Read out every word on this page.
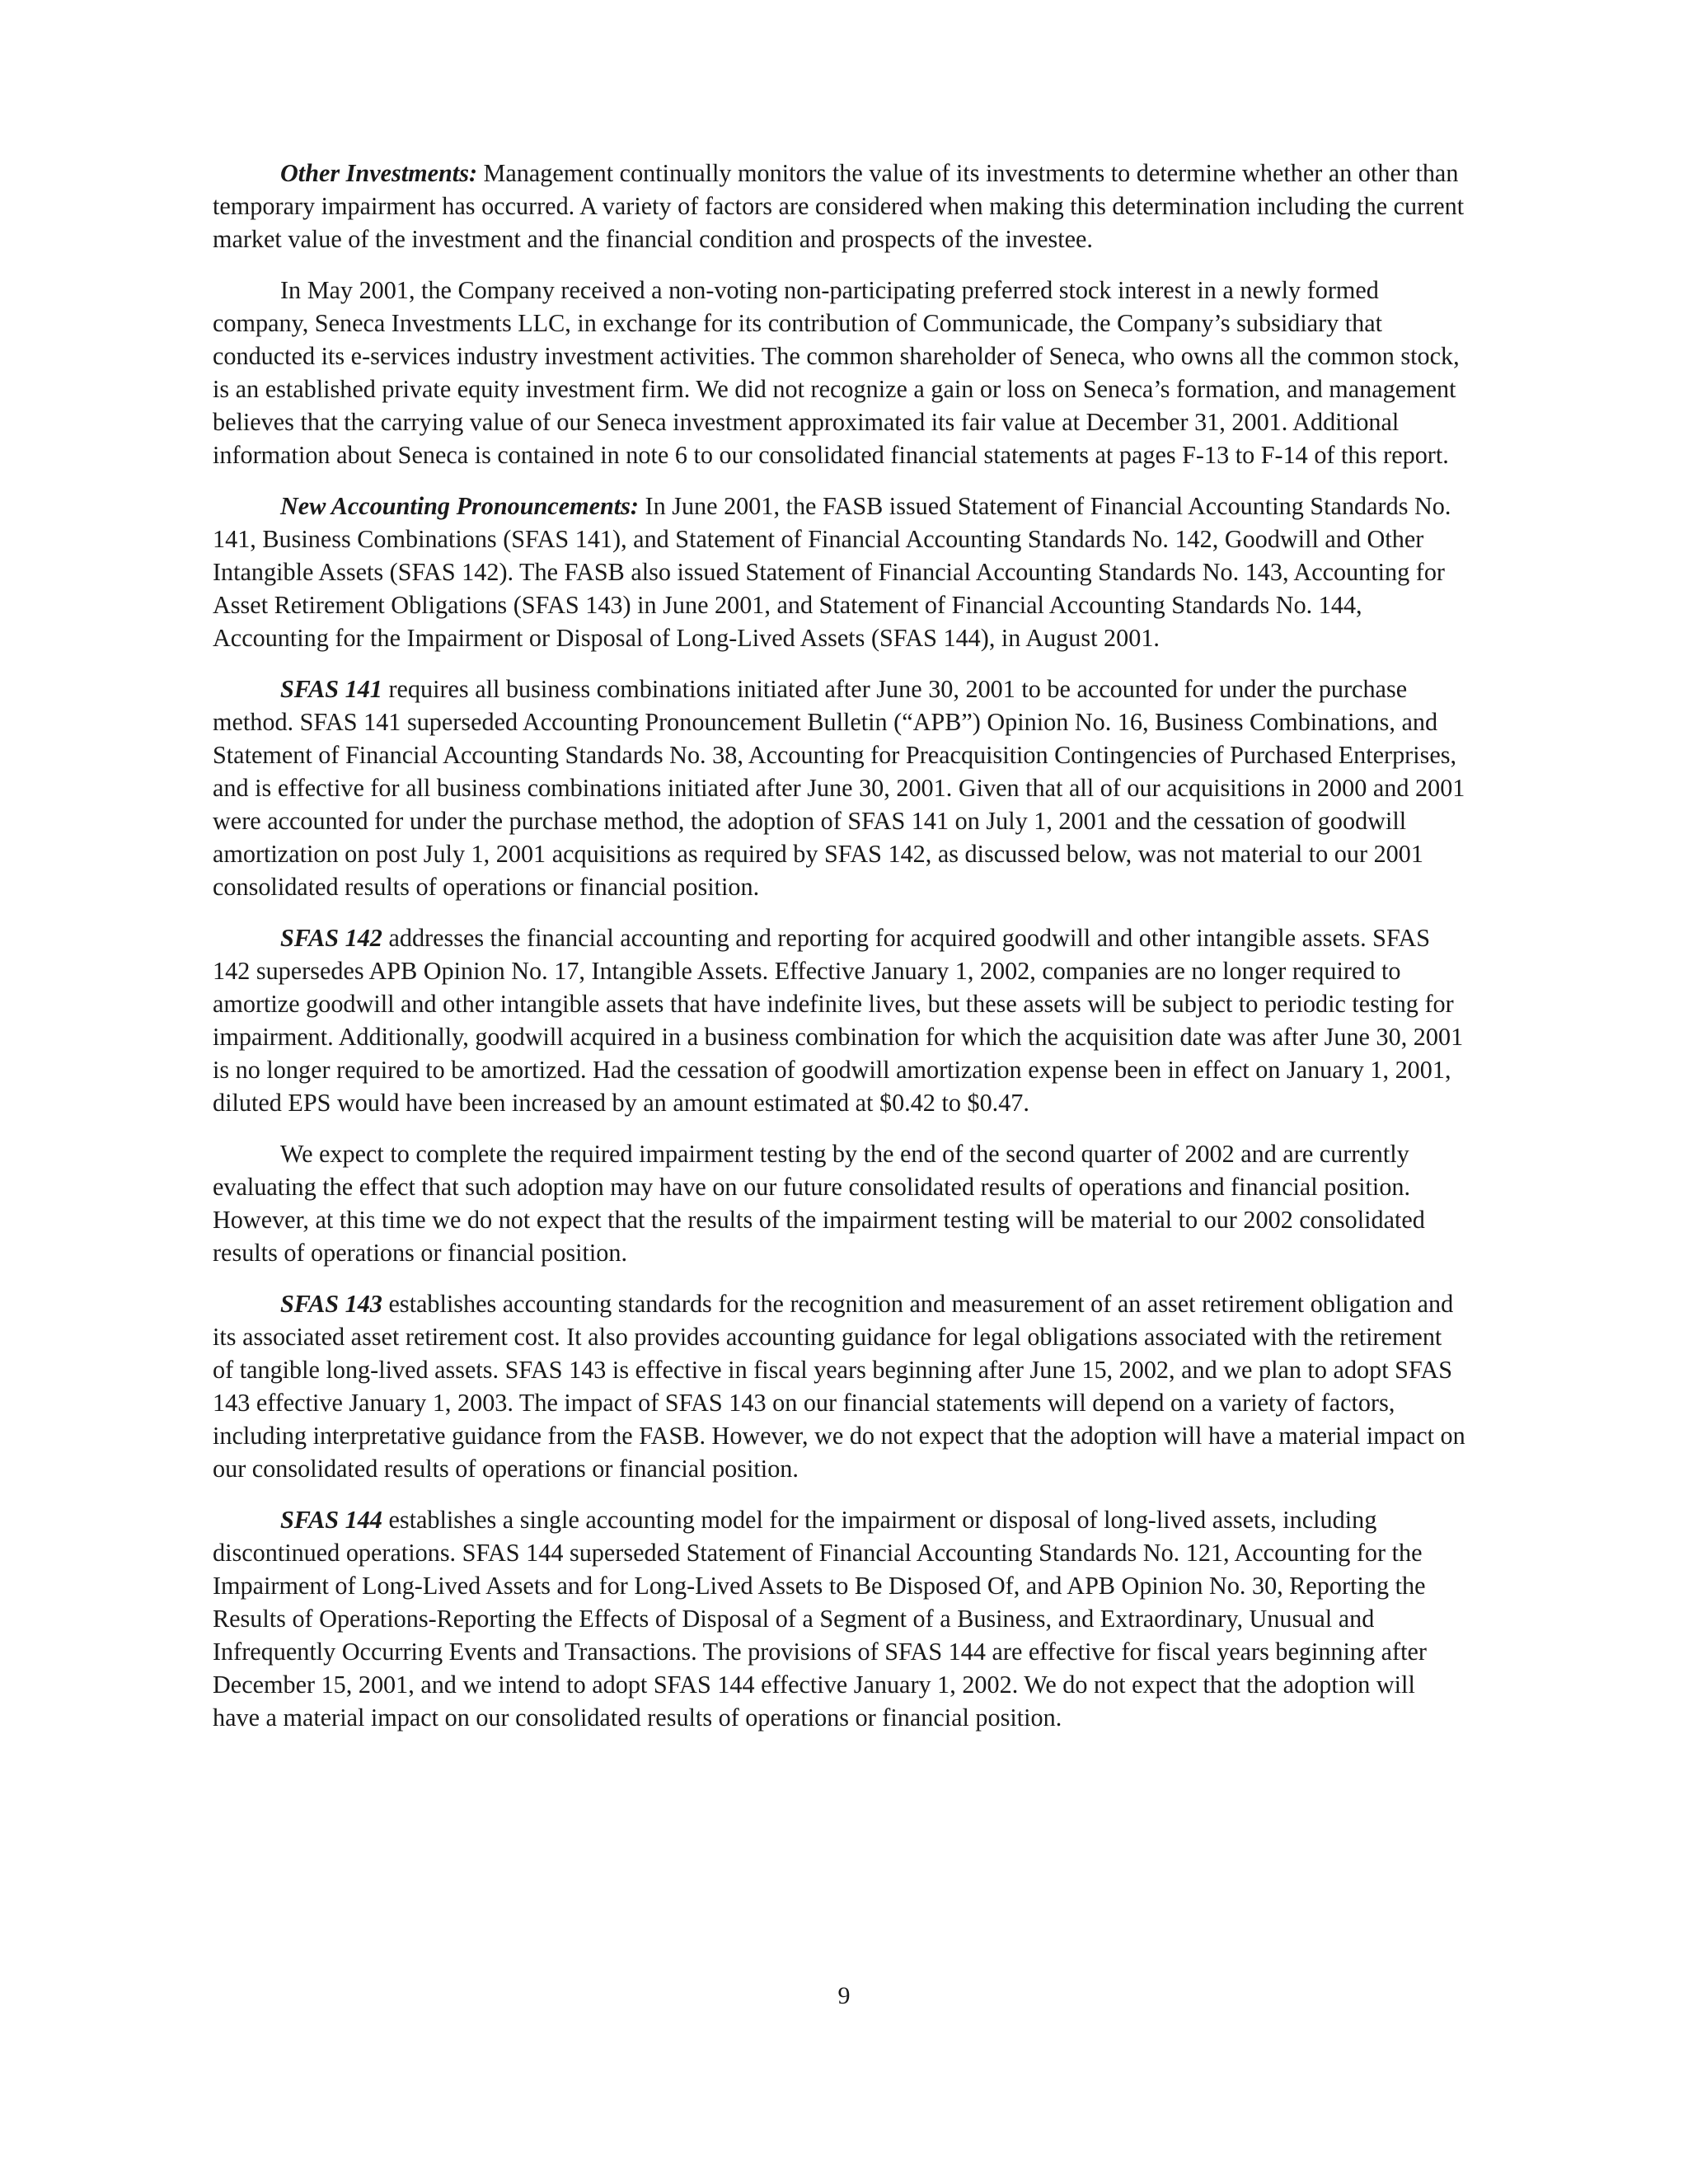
Other Investments: Management continually monitors the value of its investments to determine whether an other than temporary impairment has occurred. A variety of factors are considered when making this determination including the current market value of the investment and the financial condition and prospects of the investee.

In May 2001, the Company received a non-voting non-participating preferred stock interest in a newly formed company, Seneca Investments LLC, in exchange for its contribution of Communicade, the Company’s subsidiary that conducted its e-services industry investment activities. The common shareholder of Seneca, who owns all the common stock, is an established private equity investment firm. We did not recognize a gain or loss on Seneca’s formation, and management believes that the carrying value of our Seneca investment approximated its fair value at December 31, 2001. Additional information about Seneca is contained in note 6 to our consolidated financial statements at pages F-13 to F-14 of this report.

New Accounting Pronouncements: In June 2001, the FASB issued Statement of Financial Accounting Standards No. 141, Business Combinations (SFAS 141), and Statement of Financial Accounting Standards No. 142, Goodwill and Other Intangible Assets (SFAS 142). The FASB also issued Statement of Financial Accounting Standards No. 143, Accounting for Asset Retirement Obligations (SFAS 143) in June 2001, and Statement of Financial Accounting Standards No. 144, Accounting for the Impairment or Disposal of Long-Lived Assets (SFAS 144), in August 2001.

SFAS 141 requires all business combinations initiated after June 30, 2001 to be accounted for under the purchase method. SFAS 141 superseded Accounting Pronouncement Bulletin (“APB”) Opinion No. 16, Business Combinations, and Statement of Financial Accounting Standards No. 38, Accounting for Preacquisition Contingencies of Purchased Enterprises, and is effective for all business combinations initiated after June 30, 2001. Given that all of our acquisitions in 2000 and 2001 were accounted for under the purchase method, the adoption of SFAS 141 on July 1, 2001 and the cessation of goodwill amortization on post July 1, 2001 acquisitions as required by SFAS 142, as discussed below, was not material to our 2001 consolidated results of operations or financial position.

SFAS 142 addresses the financial accounting and reporting for acquired goodwill and other intangible assets. SFAS 142 supersedes APB Opinion No. 17, Intangible Assets. Effective January 1, 2002, companies are no longer required to amortize goodwill and other intangible assets that have indefinite lives, but these assets will be subject to periodic testing for impairment. Additionally, goodwill acquired in a business combination for which the acquisition date was after June 30, 2001 is no longer required to be amortized. Had the cessation of goodwill amortization expense been in effect on January 1, 2001, diluted EPS would have been increased by an amount estimated at $0.42 to $0.47.

We expect to complete the required impairment testing by the end of the second quarter of 2002 and are currently evaluating the effect that such adoption may have on our future consolidated results of operations and financial position. However, at this time we do not expect that the results of the impairment testing will be material to our 2002 consolidated results of operations or financial position.

SFAS 143 establishes accounting standards for the recognition and measurement of an asset retirement obligation and its associated asset retirement cost. It also provides accounting guidance for legal obligations associated with the retirement of tangible long-lived assets. SFAS 143 is effective in fiscal years beginning after June 15, 2002, and we plan to adopt SFAS 143 effective January 1, 2003. The impact of SFAS 143 on our financial statements will depend on a variety of factors, including interpretative guidance from the FASB. However, we do not expect that the adoption will have a material impact on our consolidated results of operations or financial position.

SFAS 144 establishes a single accounting model for the impairment or disposal of long-lived assets, including discontinued operations. SFAS 144 superseded Statement of Financial Accounting Standards No. 121, Accounting for the Impairment of Long-Lived Assets and for Long-Lived Assets to Be Disposed Of, and APB Opinion No. 30, Reporting the Results of Operations-Reporting the Effects of Disposal of a Segment of a Business, and Extraordinary, Unusual and Infrequently Occurring Events and Transactions. The provisions of SFAS 144 are effective for fiscal years beginning after December 15, 2001, and we intend to adopt SFAS 144 effective January 1, 2002. We do not expect that the adoption will have a material impact on our consolidated results of operations or financial position.

9
